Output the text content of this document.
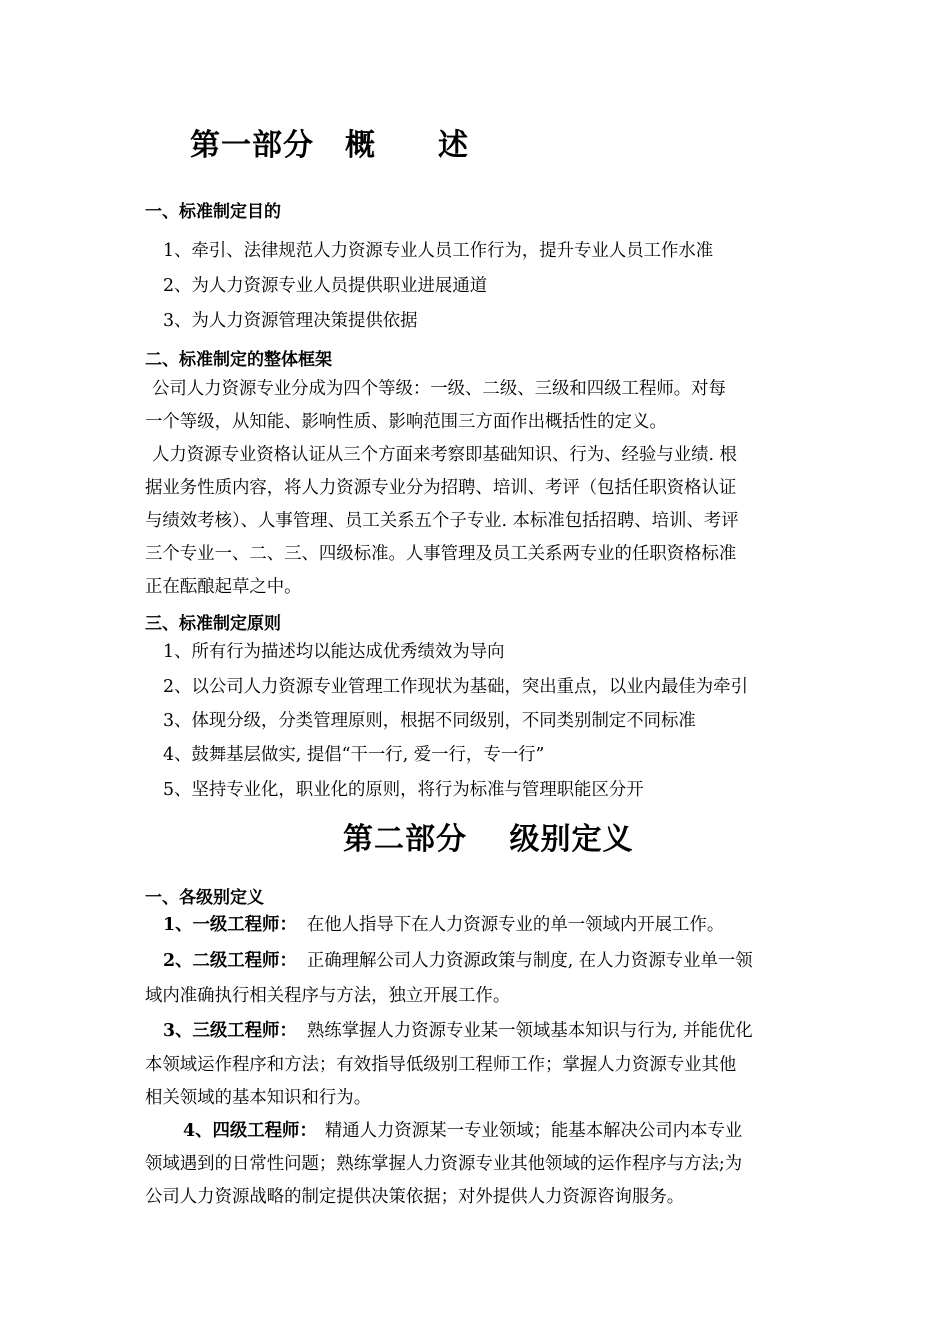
第一部分　概　　述
一、标准制定目的
1、牵引、法律规范人力资源专业人员工作行为，提升专业人员工作水准
2、为人力资源专业人员提供职业进展通道
3、为人力资源管理决策提供依据
二、标准制定的整体框架
公司人力资源专业分成为四个等级：一级、二级、三级和四级工程师。对每
一个等级，从知能、影响性质、影响范围三方面作出概括性的定义。
人力资源专业资格认证从三个方面来考察即基础知识、行为、经验与业绩. 根
据业务性质内容，将人力资源专业分为招聘、培训、考评（包括任职资格认证
与绩效考核）、人事管理、员工关系五个子专业. 本标准包括招聘、培训、考评
三个专业一、二、三、四级标准。人事管理及员工关系两专业的任职资格标准
正在酝酿起草之中。
三、标准制定原则
1、所有行为描述均以能达成优秀绩效为导向
2、以公司人力资源专业管理工作现状为基础，突出重点，以业内最佳为牵引
3、体现分级，分类管理原则，根据不同级别，不同类别制定不同标准
4、鼓舞基层做实, 提倡“干一行, 爱一行，专一行”
5、坚持专业化，职业化的原则，将行为标准与管理职能区分开
第二部分　 级别定义
一、各级别定义
1、一级工程师： 在他人指导下在人力资源专业的单一领域内开展工作。
2、二级工程师： 正确理解公司人力资源政策与制度, 在人力资源专业单一领
域内准确执行相关程序与方法，独立开展工作。
3、三级工程师： 熟练掌握人力资源专业某一领域基本知识与行为, 并能优化
本领域运作程序和方法；有效指导低级别工程师工作；掌握人力资源专业其他
相关领域的基本知识和行为。
4、四级工程师： 精通人力资源某一专业领域；能基本解决公司内本专业
领域遇到的日常性问题；熟练掌握人力资源专业其他领域的运作程序与方法;为
公司人力资源战略的制定提供决策依据；对外提供人力资源咨询服务。
